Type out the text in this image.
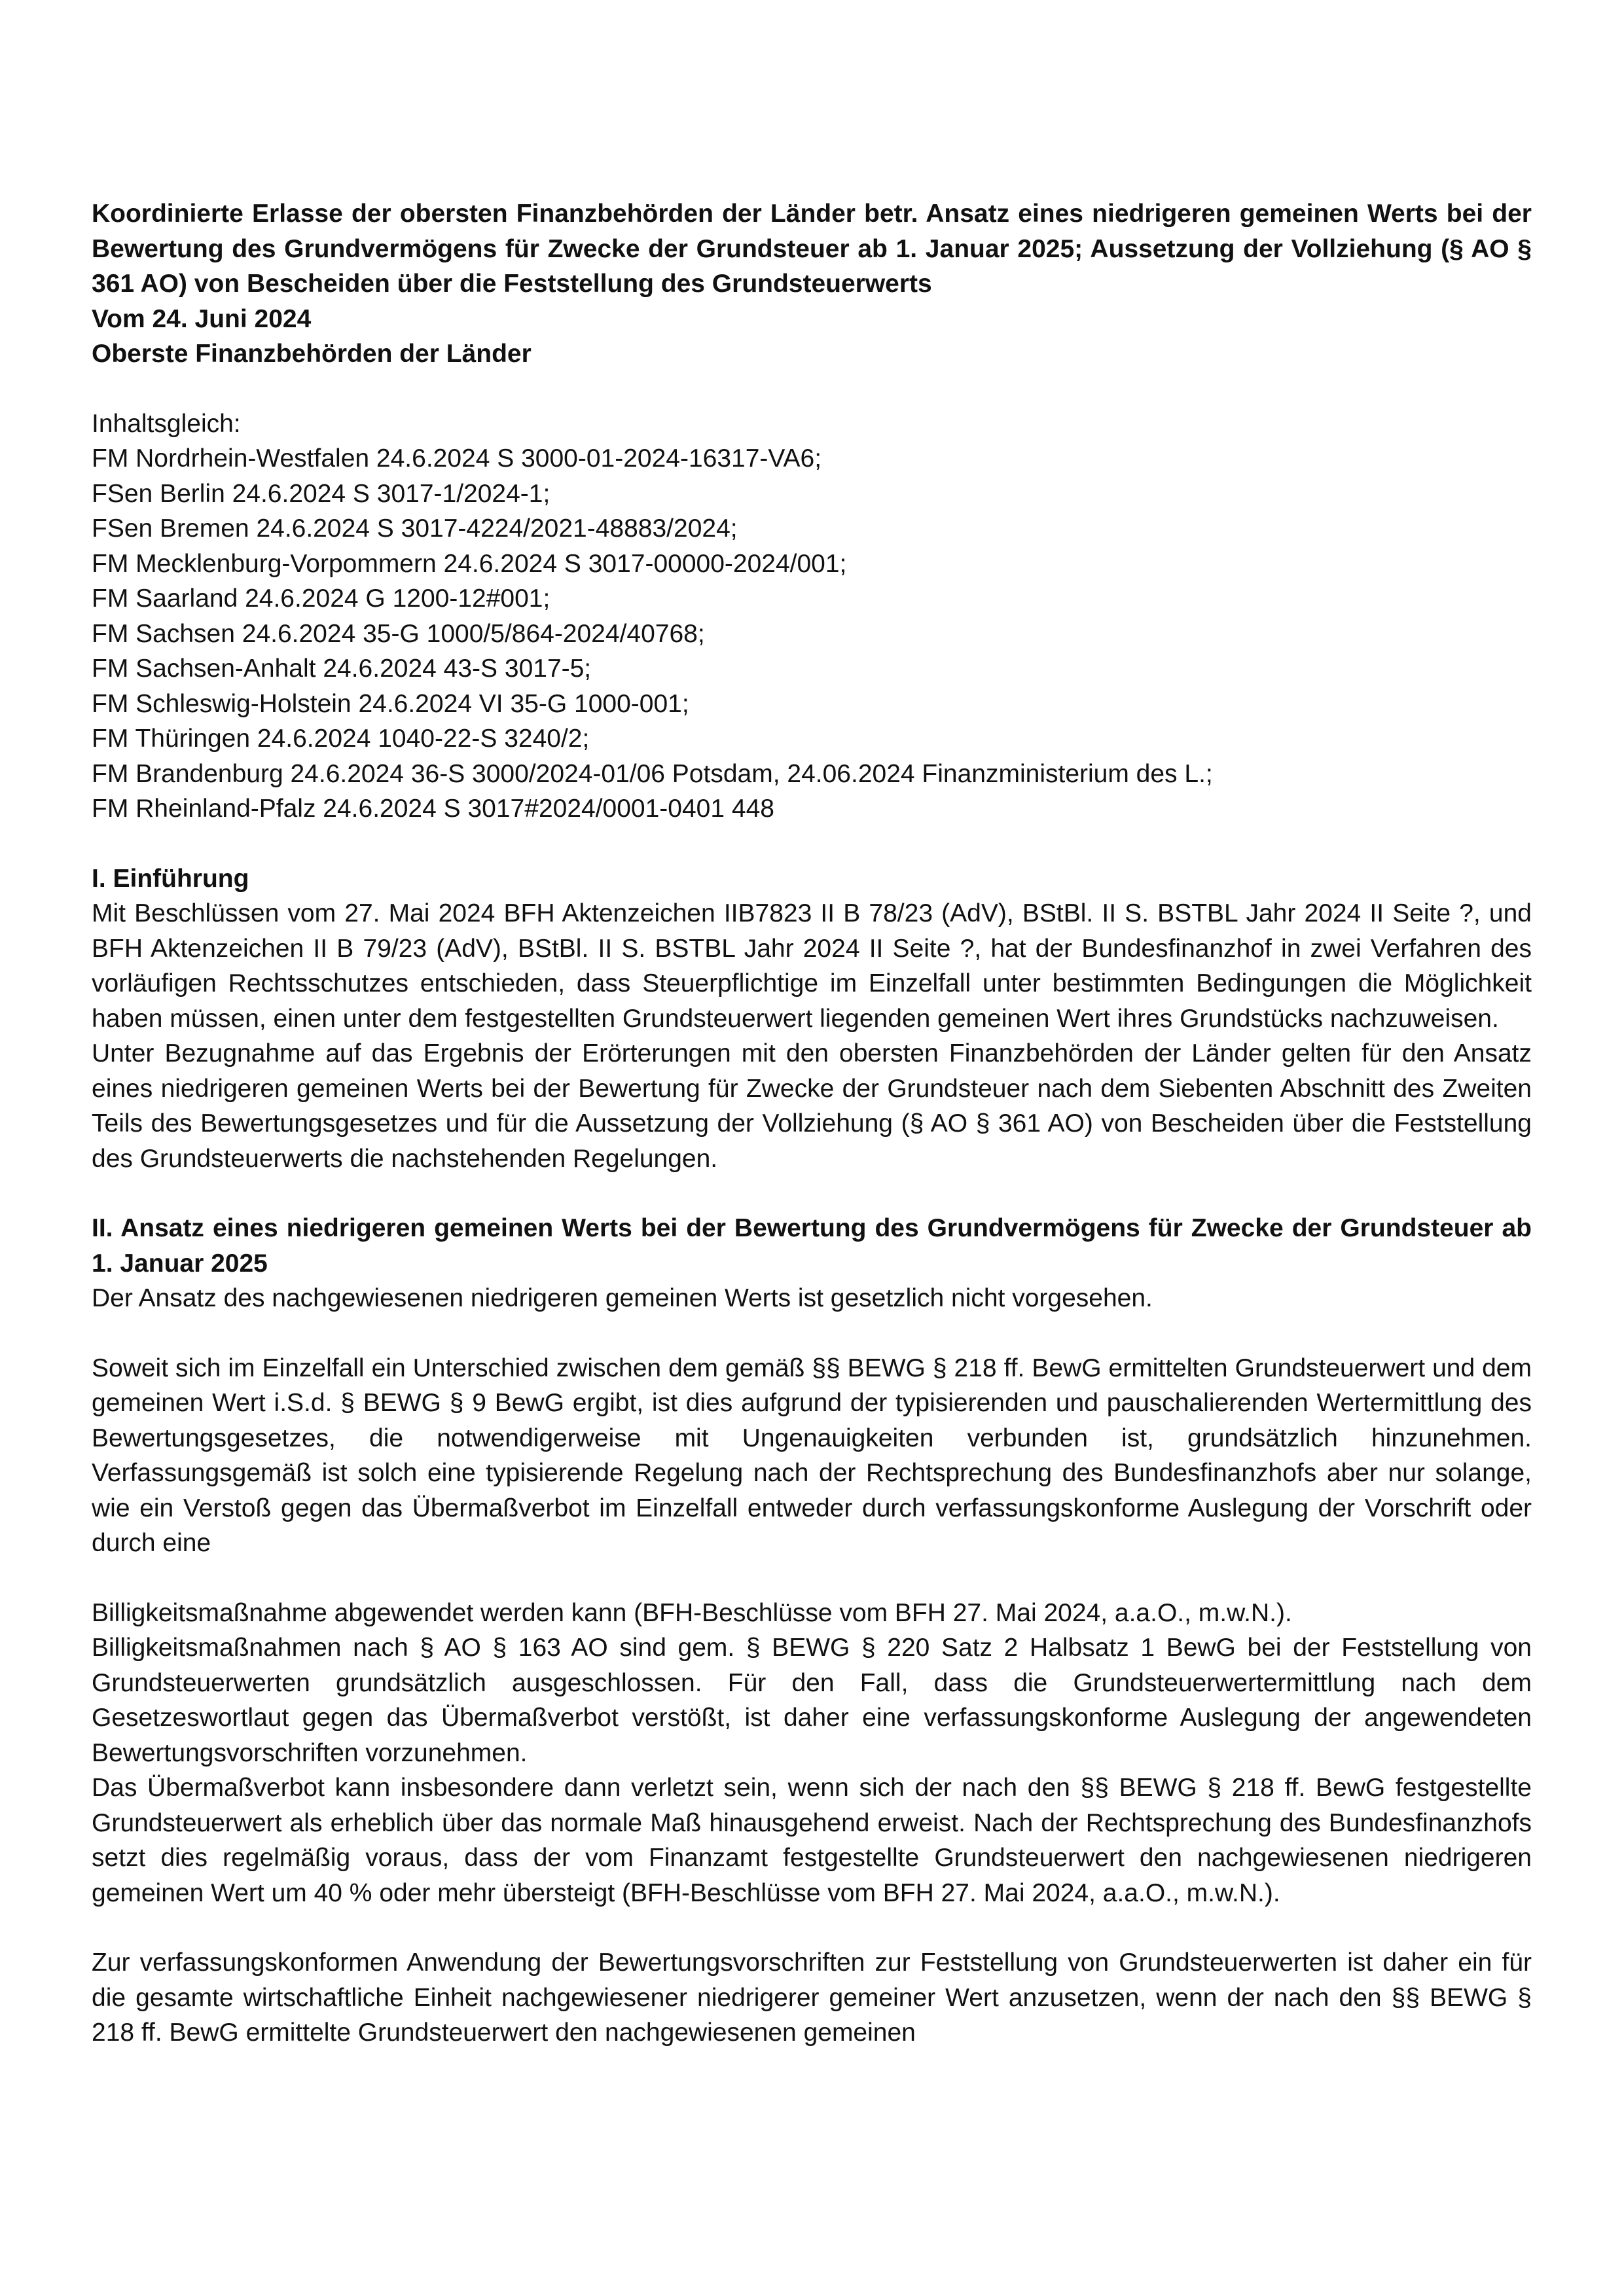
Koordinierte Erlasse der obersten Finanzbehörden der Länder betr. Ansatz eines niedrigeren gemeinen Werts bei der Bewertung des Grundvermögens für Zwecke der Grundsteuer ab 1. Januar 2025; Aussetzung der Vollziehung (§ AO § 361 AO) von Bescheiden über die Feststellung des Grundsteuerwerts

Vom 24. Juni 2024

Oberste Finanzbehörden der Länder

Inhaltsgleich:

FM Nordrhein-Westfalen 24.6.2024 S 3000-01-2024-16317-VA6;

FSen Berlin 24.6.2024 S 3017-1/2024-1;

FSen Bremen 24.6.2024 S 3017-4224/2021-48883/2024;

FM Mecklenburg-Vorpommern 24.6.2024 S 3017-00000-2024/001;

FM Saarland 24.6.2024 G 1200-12#001;

FM Sachsen 24.6.2024 35-G 1000/5/864-2024/40768;

FM Sachsen-Anhalt 24.6.2024 43-S 3017-5;

FM Schleswig-Holstein 24.6.2024 VI 35-G 1000-001;

FM Thüringen 24.6.2024 1040-22-S 3240/2;

FM Brandenburg 24.6.2024 36-S 3000/2024-01/06 Potsdam, 24.06.2024 Finanzministerium des L.;

FM Rheinland-Pfalz 24.6.2024 S 3017#2024/0001-0401 448

I. Einführung

Mit Beschlüssen vom 27. Mai 2024 BFH Aktenzeichen IIB7823 II B 78/23 (AdV), BStBl. II S. BSTBL Jahr 2024 II Seite ?, und BFH Aktenzeichen II B 79/23 (AdV), BStBl. II S. BSTBL Jahr 2024 II Seite ?, hat der Bundesfinanzhof in zwei Verfahren des vorläufigen Rechtsschutzes entschieden, dass Steuerpflichtige im Einzelfall unter bestimmten Bedingungen die Möglichkeit haben müssen, einen unter dem festgestellten Grundsteuerwert liegenden gemeinen Wert ihres Grundstücks nachzuweisen.

Unter Bezugnahme auf das Ergebnis der Erörterungen mit den obersten Finanzbehörden der Länder gelten für den Ansatz eines niedrigeren gemeinen Werts bei der Bewertung für Zwecke der Grundsteuer nach dem Siebenten Abschnitt des Zweiten Teils des Bewertungsgesetzes und für die Aussetzung der Vollziehung (§ AO § 361 AO) von Bescheiden über die Feststellung des Grundsteuerwerts die nachstehenden Regelungen.

II. Ansatz eines niedrigeren gemeinen Werts bei der Bewertung des Grundvermögens für Zwecke der Grundsteuer ab 1. Januar 2025

Der Ansatz des nachgewiesenen niedrigeren gemeinen Werts ist gesetzlich nicht vorgesehen.

Soweit sich im Einzelfall ein Unterschied zwischen dem gemäß §§ BEWG § 218 ff. BewG ermittelten Grundsteuerwert und dem gemeinen Wert i.S.d. § BEWG § 9 BewG ergibt, ist dies aufgrund der typisierenden und pauschalierenden Wertermittlung des Bewertungsgesetzes, die notwendigerweise mit Ungenauigkeiten verbunden ist, grundsätzlich hinzunehmen. Verfassungsgemäß ist solch eine typisierende Regelung nach der Rechtsprechung des Bundesfinanzhofs aber nur solange, wie ein Verstoß gegen das Übermaßverbot im Einzelfall entweder durch verfassungskonforme Auslegung der Vorschrift oder durch eine

Billigkeitsmaßnahme abgewendet werden kann (BFH-Beschlüsse vom BFH 27. Mai 2024, a.a.O., m.w.N.).

Billigkeitsmaßnahmen nach § AO § 163 AO sind gem. § BEWG § 220 Satz 2 Halbsatz 1 BewG bei der Feststellung von Grundsteuerwerten grundsätzlich ausgeschlossen. Für den Fall, dass die Grundsteuerwertermittlung nach dem Gesetzeswortlaut gegen das Übermaßverbot verstößt, ist daher eine verfassungskonforme Auslegung der angewendeten Bewertungsvorschriften vorzunehmen.

Das Übermaßverbot kann insbesondere dann verletzt sein, wenn sich der nach den §§ BEWG § 218 ff. BewG festgestellte Grundsteuerwert als erheblich über das normale Maß hinausgehend erweist. Nach der Rechtsprechung des Bundesfinanzhofs setzt dies regelmäßig voraus, dass der vom Finanzamt festgestellte Grundsteuerwert den nachgewiesenen niedrigeren gemeinen Wert um 40 % oder mehr übersteigt (BFH-Beschlüsse vom BFH 27. Mai 2024, a.a.O., m.w.N.).

Zur verfassungskonformen Anwendung der Bewertungsvorschriften zur Feststellung von Grundsteuerwerten ist daher ein für die gesamte wirtschaftliche Einheit nachgewiesener niedrigerer gemeiner Wert anzusetzen, wenn der nach den §§ BEWG § 218 ff. BewG ermittelte Grundsteuerwert den nachgewiesenen gemeinen
